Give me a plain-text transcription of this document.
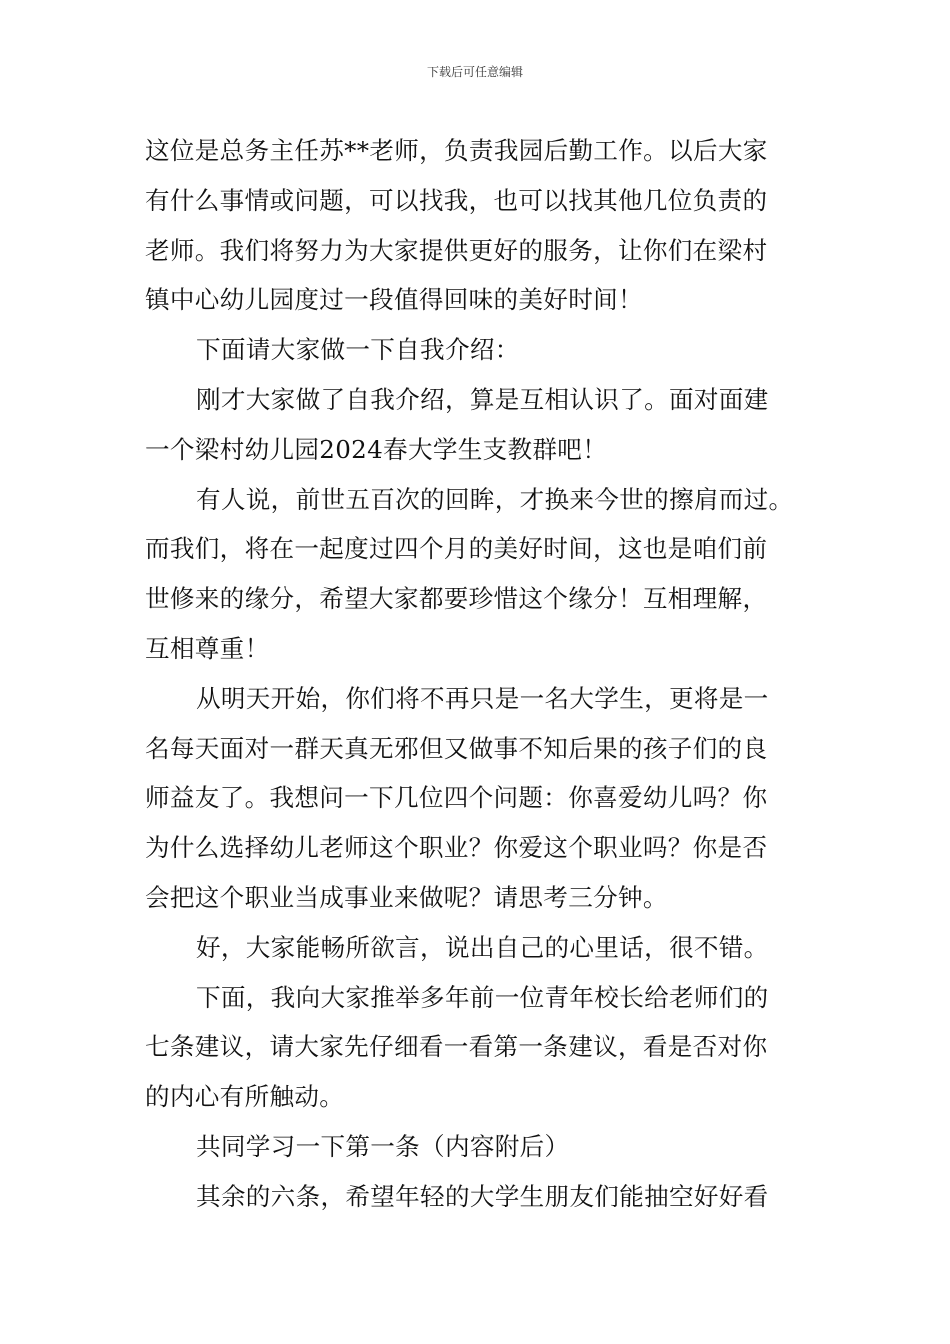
下载后可任意编辑
这位是总务主任苏**老师，负责我园后勤工作。以后大家
有什么事情或问题，可以找我，也可以找其他几位负责的
老师。我们将努力为大家提供更好的服务，让你们在梁村
镇中心幼儿园度过一段值得回味的美好时间！
下面请大家做一下自我介绍：
刚才大家做了自我介绍，算是互相认识了。面对面建
一个梁村幼儿园2024春大学生支教群吧！
有人说，前世五百次的回眸，才换来今世的擦肩而过。
而我们，将在一起度过四个月的美好时间，这也是咱们前
世修来的缘分，希望大家都要珍惜这个缘分！互相理解，
互相尊重！
从明天开始，你们将不再只是一名大学生，更将是一
名每天面对一群天真无邪但又做事不知后果的孩子们的良
师益友了。我想问一下几位四个问题：你喜爱幼儿吗？你
为什么选择幼儿老师这个职业？你爱这个职业吗？你是否
会把这个职业当成事业来做呢？请思考三分钟。
好，大家能畅所欲言，说出自己的心里话，很不错。
下面，我向大家推举多年前一位青年校长给老师们的
七条建议，请大家先仔细看一看第一条建议，看是否对你
的内心有所触动。
共同学习一下第一条（内容附后）
其余的六条，希望年轻的大学生朋友们能抽空好好看
